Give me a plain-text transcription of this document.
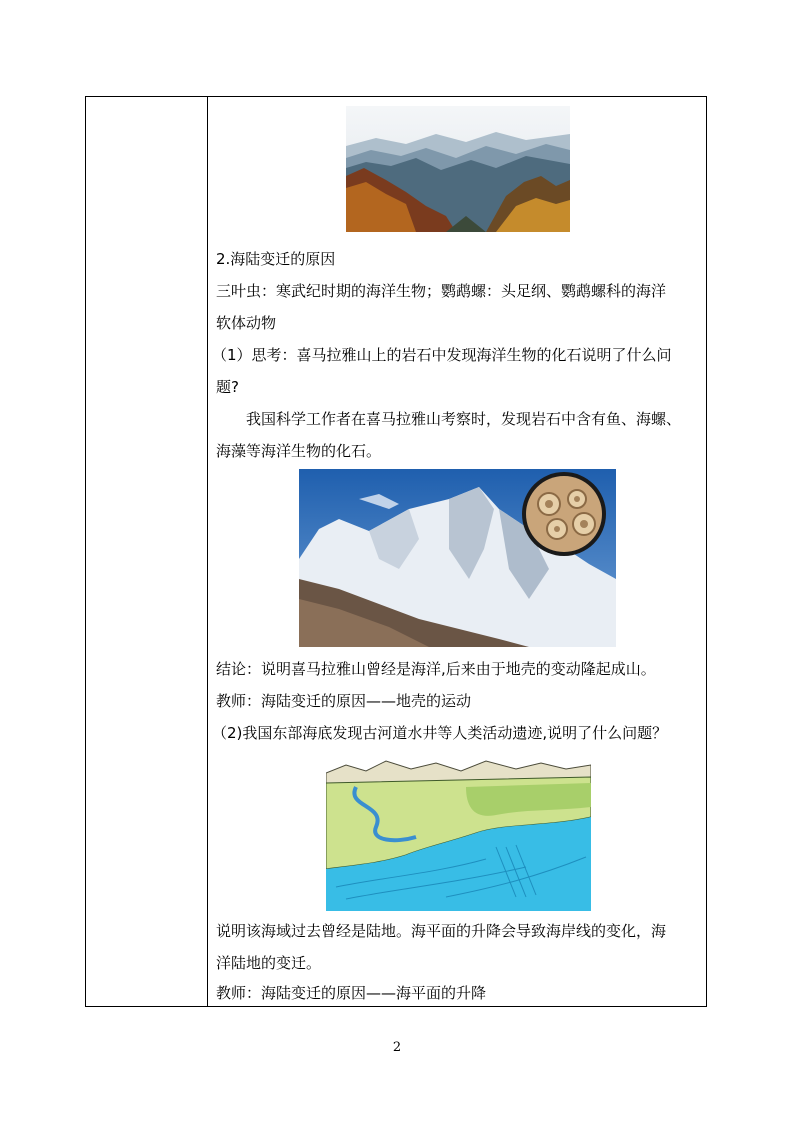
2.海陆变迁的原因
三叶虫：寒武纪时期的海洋生物；鹦鹉螺：头足纲、鹦鹉螺科的海洋
软体动物
（1）思考：喜马拉雅山上的岩石中发现海洋生物的化石说明了什么问
题?
我国科学工作者在喜马拉雅山考察时，发现岩石中含有鱼、海螺、
海藻等海洋生物的化石。
结论：说明喜马拉雅山曾经是海洋,后来由于地壳的变动隆起成山。
教师：海陆变迁的原因——地壳的运动
（2)我国东部海底发现古河道水井等人类活动遗迹,说明了什么问题？
说明该海域过去曾经是陆地。海平面的升降会导致海岸线的变化，海
洋陆地的变迁。
教师：海陆变迁的原因——海平面的升降
2
